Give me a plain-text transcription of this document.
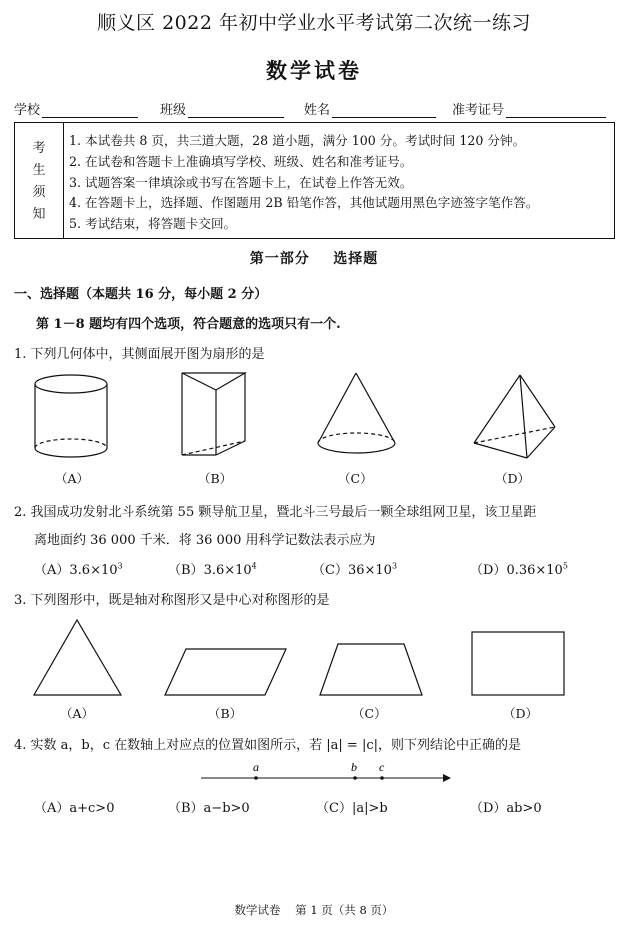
顺义区 2022 年初中学业水平考试第二次统一练习
数学试卷
学校	班级	姓名	准考证号
考
生
须
知
1. 本试卷共 8 页，共三道大题，28 道小题，满分 100 分。考试时间 120 分钟。
2. 在试卷和答题卡上准确填写学校、班级、姓名和准考证号。
3. 试题答案一律填涂或书写在答题卡上，在试卷上作答无效。
4. 在答题卡上，选择题、作图题用 2B 铅笔作答，其他试题用黑色字迹签字笔作答。
5. 考试结束，将答题卡交回。
第一部分    选择题
一、选择题（本题共 16 分，每小题 2 分）
第 1－8 题均有四个选项，符合题意的选项只有一个.
1. 下列几何体中，其侧面展开图为扇形的是
（A）	（B）	（C）	（D）
2. 我国成功发射北斗系统第 55 颗导航卫星，暨北斗三号最后一颗全球组网卫星，该卫星距
离地面约 36 000 千米．将 36 000 用科学记数法表示应为
$(A)3.6\times 10^3$	$(B)3.6\times 10^4$	$(C)36\times 10^3$	$(D)0.36\times 10^5$
3. 下列图形中，既是轴对称图形又是中心对称图形的是
（A）	（B）	（C）	（D）
4. 实数 a，b，c 在数轴上对应点的位置如图所示，若 |a| = |c|，则下列结论中正确的是
a	b c
（A）a+c>0	（B）a−b>0	（C）|a|>b	（D）ab>0
数学试卷    第 1 页（共 8 页）
